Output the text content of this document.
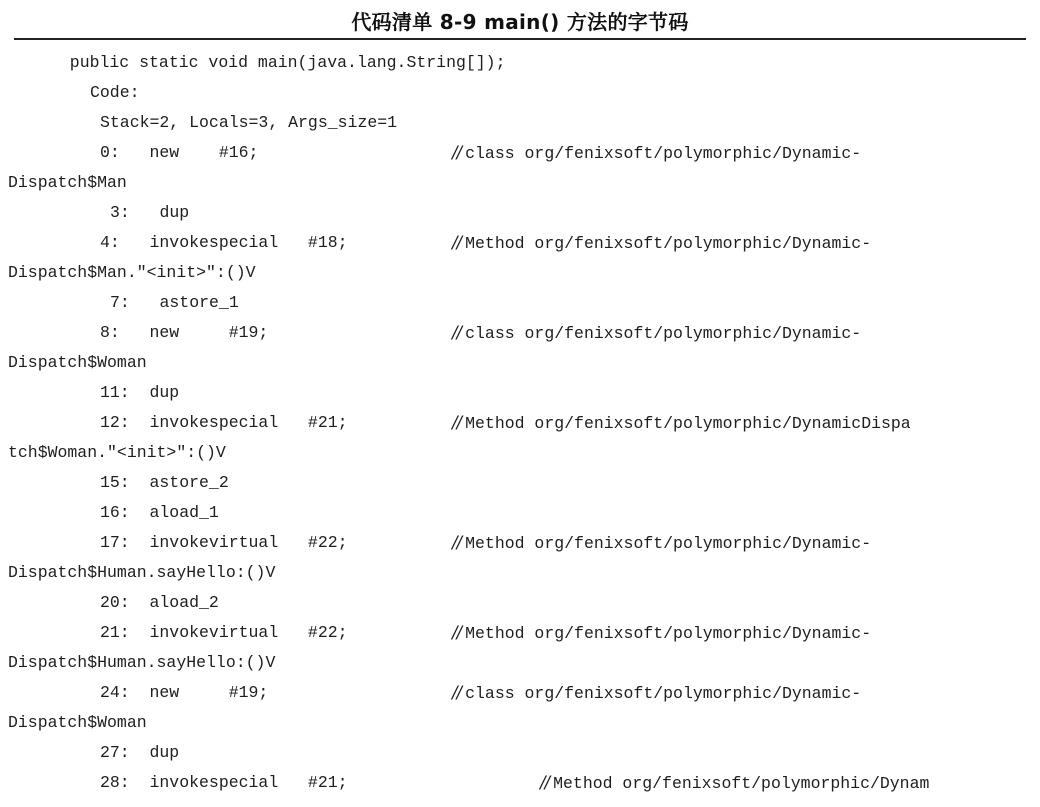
代码清单 8-9 main() 方法的字节码
public static void main(java.lang.String[]);
Code:
Stack=2, Locals=3, Args_size=1
0:   new    #16;	// class org/fenixsoft/polymorphic/Dynamic-
Dispatch$Man
3:   dup
4:   invokespecial   #18;	// Method org/fenixsoft/polymorphic/Dynamic-
Dispatch$Man."<init>":()V
7:   astore_1
8:   new     #19;	// class org/fenixsoft/polymorphic/Dynamic-
Dispatch$Woman
11:  dup
12:  invokespecial   #21;	// Method org/fenixsoft/polymorphic/DynamicDispa
tch$Woman."<init>":()V
15:  astore_2
16:  aload_1
17:  invokevirtual   #22;	// Method org/fenixsoft/polymorphic/Dynamic-
Dispatch$Human.sayHello:()V
20:  aload_2
21:  invokevirtual   #22;	// Method org/fenixsoft/polymorphic/Dynamic-
Dispatch$Human.sayHello:()V
24:  new     #19;	// class org/fenixsoft/polymorphic/Dynamic-
Dispatch$Woman
27:  dup
28:  invokespecial   #21;	// Method org/fenixsoft/polymorphic/Dynam
